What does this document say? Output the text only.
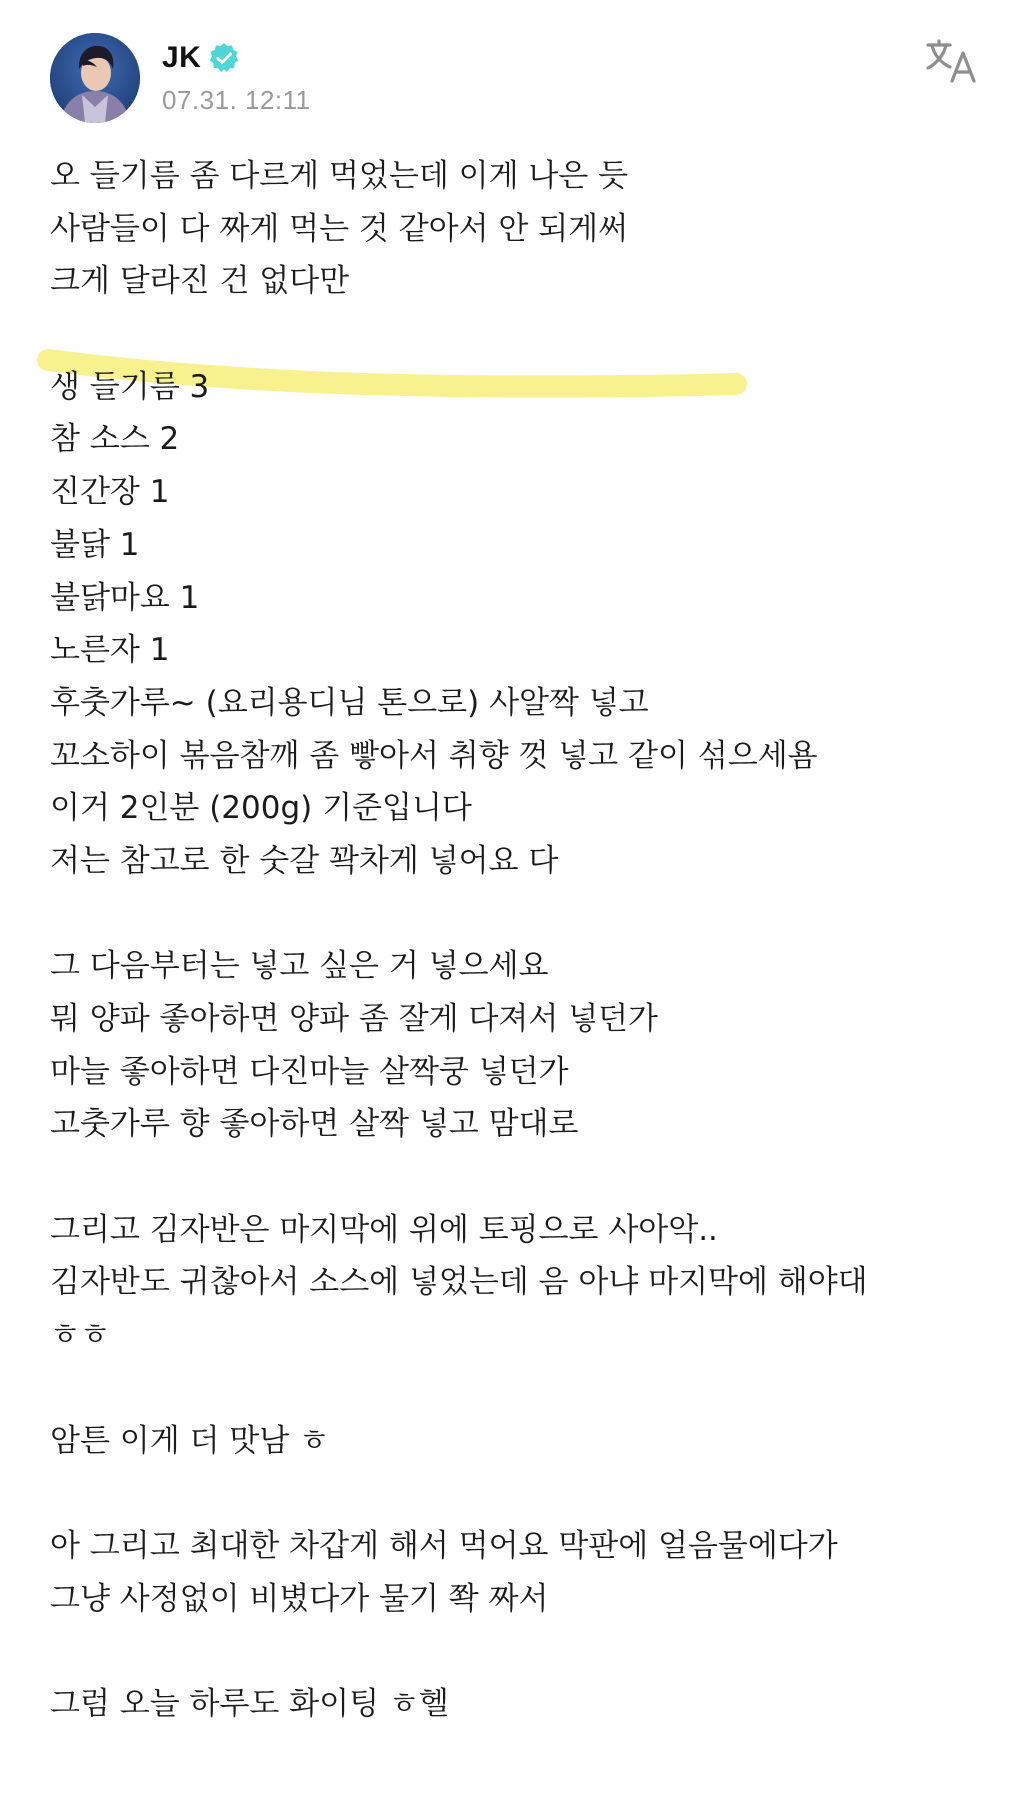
JK
07.31. 12:11
오 들기름 좀 다르게 먹었는데 이게 나은 듯
사람들이 다 짜게 먹는 것 같아서 안 되게써
크게 달라진 건 없다만
생 들기름 3
참 소스 2
진간장 1
불닭 1
불닭마요 1
노른자 1
후춧가루~ (요리용디님 톤으로) 사알짝 넣고
꼬소하이 볶음참깨 좀 빻아서 취향 껏 넣고 같이 섞으세욤
이거 2인분 (200g) 기준입니다
저는 참고로 한 숫갈 꽉차게 넣어요 다
그 다음부터는 넣고 싶은 거 넣으세요
뭐 양파 좋아하면 양파 좀 잘게 다져서 넣던가
마늘 좋아하면 다진마늘 살짝쿵 넣던가
고춧가루 향 좋아하면 살짝 넣고 맘대로
그리고 김자반은 마지막에 위에 토핑으로 사아악..
김자반도 귀찮아서 소스에 넣었는데 음 아냐 마지막에 해야대
ㅎㅎ
암튼 이게 더 맛남 ㅎ
아 그리고 최대한 차갑게 해서 먹어요 막판에 얼음물에다가
그냥 사정없이 비볐다가 물기 쫙 짜서
그럼 오늘 하루도 화이팅 ㅎ헬
